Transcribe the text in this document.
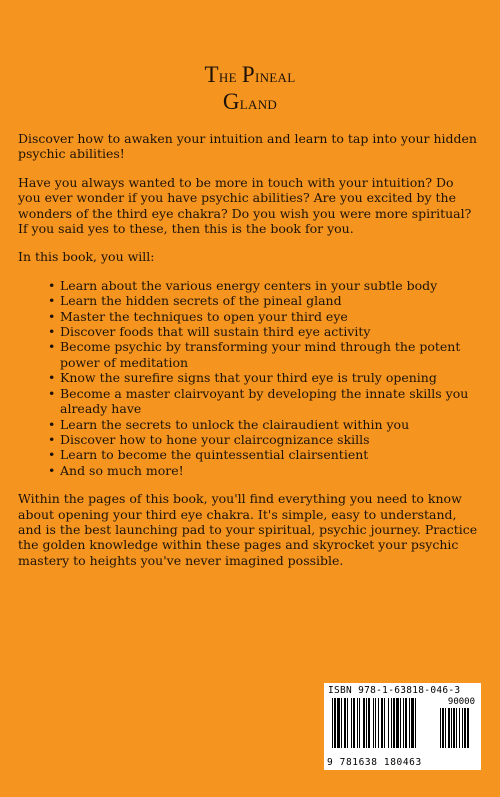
The Pineal
Gland

Discover how to awaken your intuition and learn to tap into your hidden psychic abilities!

Have you always wanted to be more in touch with your intuition? Do you ever wonder if you have psychic abilities? Are you excited by the wonders of the third eye chakra? Do you wish you were more spiritual? If you said yes to these, then this is the book for you.

In this book, you will:

• Learn about the various energy centers in your subtle body
• Learn the hidden secrets of the pineal gland
• Master the techniques to open your third eye
• Discover foods that will sustain third eye activity
• Become psychic by transforming your mind through the potent power of meditation
• Know the surefire signs that your third eye is truly opening
• Become a master clairvoyant by developing the innate skills you already have
• Learn the secrets to unlock the clairaudient within you
• Discover how to hone your claircognizance skills
• Learn to become the quintessential clairsentient
• And so much more!

Within the pages of this book, you'll find everything you need to know about opening your third eye chakra. It's simple, easy to understand, and is the best launching pad to your spiritual, psychic journey. Practice the golden knowledge within these pages and skyrocket your psychic mastery to heights you've never imagined possible.

ISBN 978-1-63818-046-3
90000
9 781638 180463
